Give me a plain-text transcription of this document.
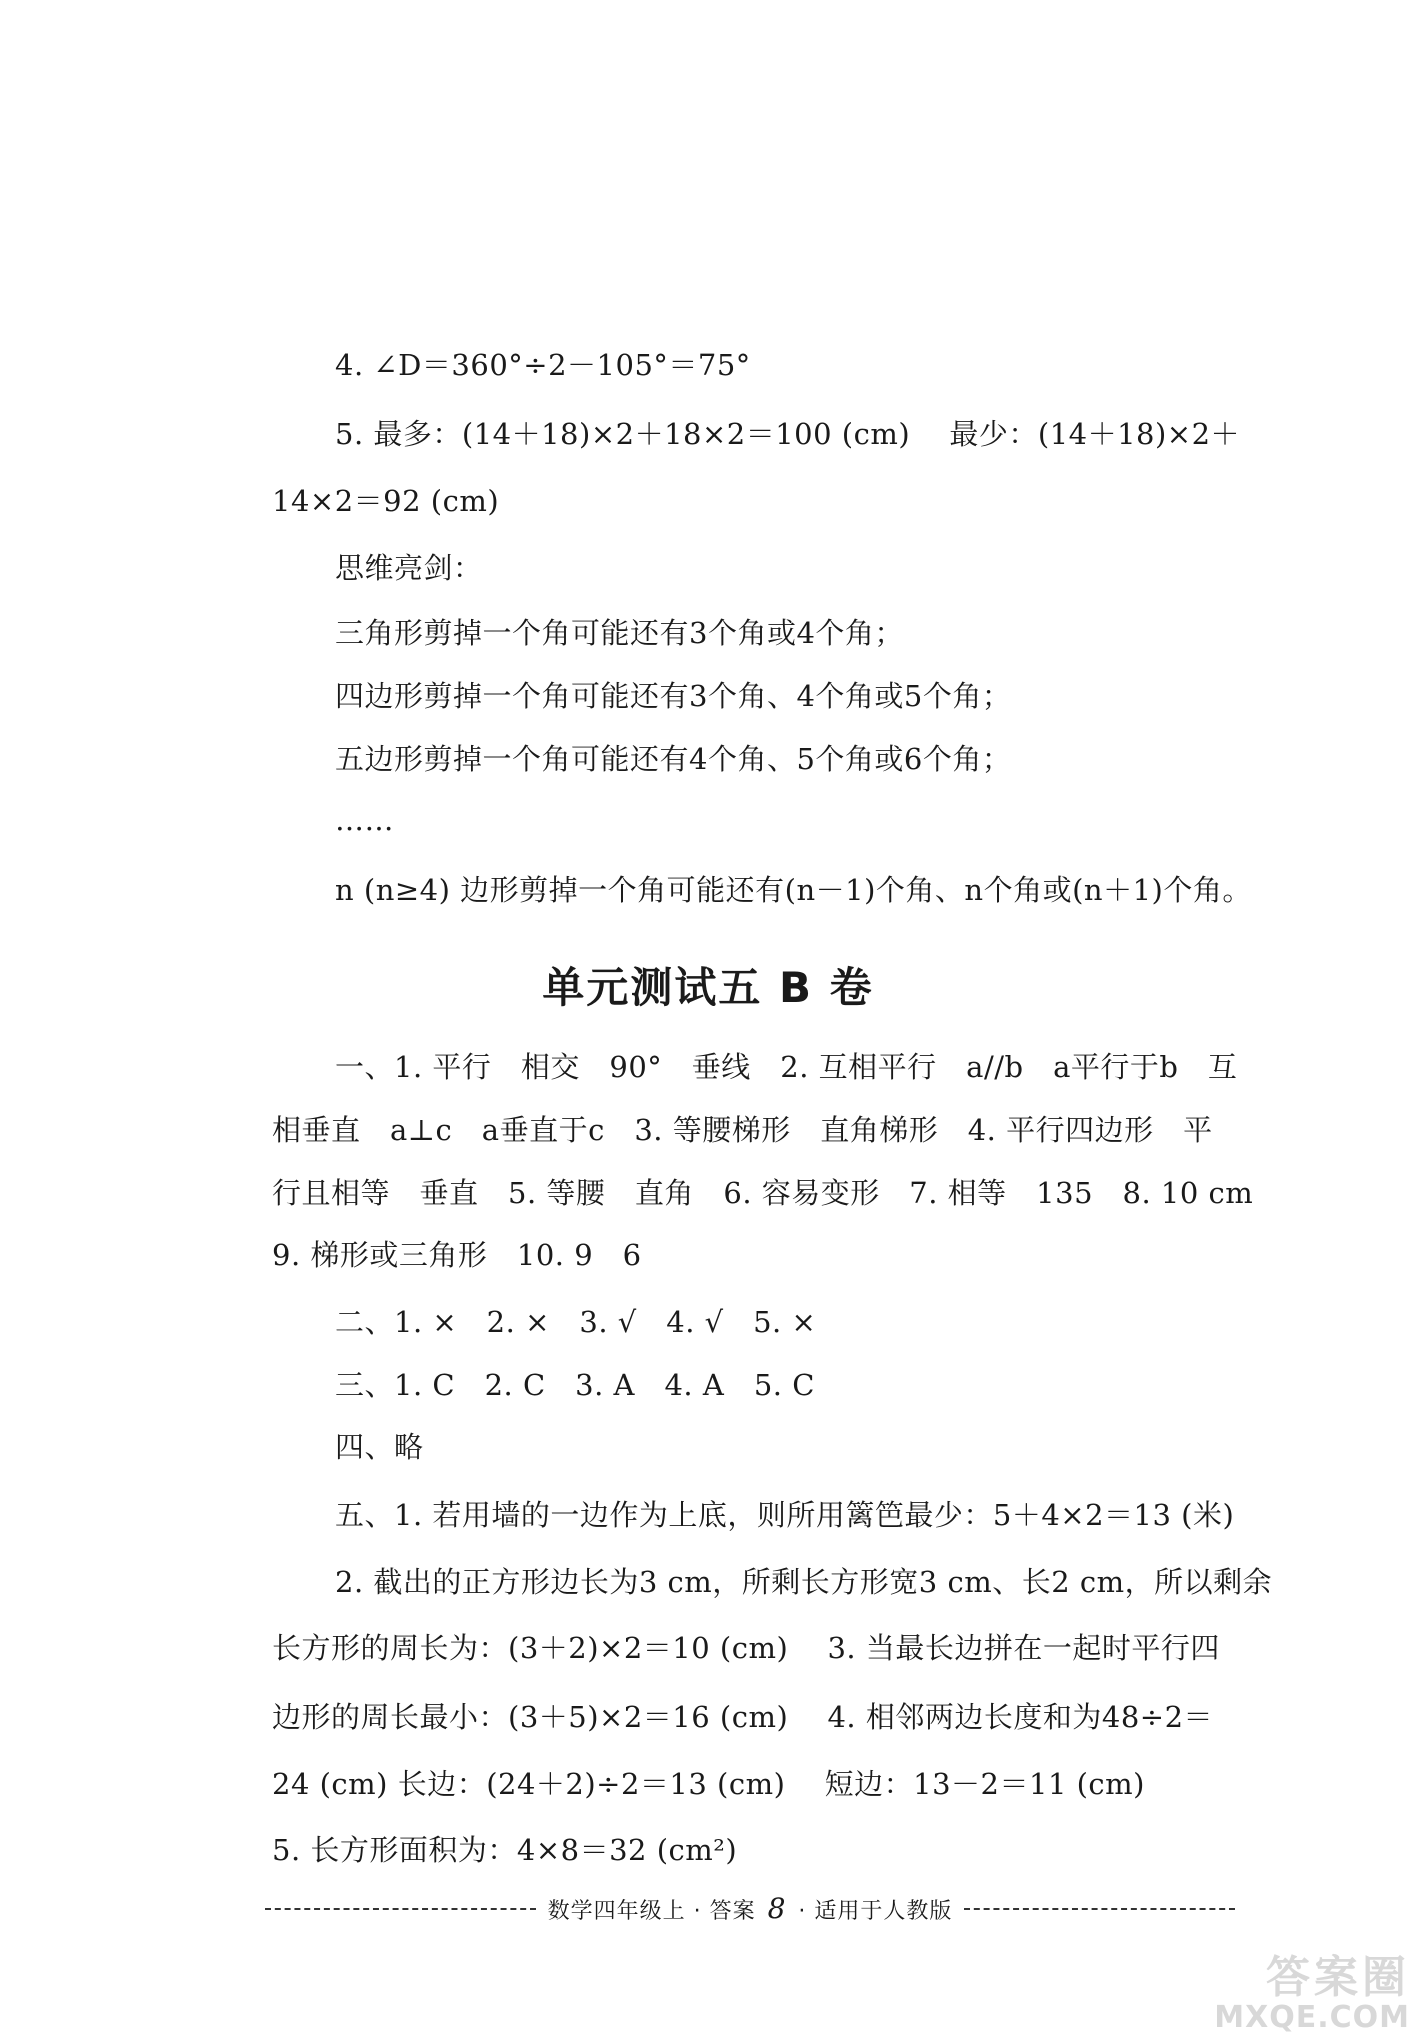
4. ∠D＝360°÷2－105°＝75°
5. 最多：(14＋18)×2＋18×2＝100 (cm)　 最少：(14＋18)×2＋
14×2＝92 (cm)
思维亮剑：
三角形剪掉一个角可能还有3个角或4个角；
四边形剪掉一个角可能还有3个角、4个角或5个角；
五边形剪掉一个角可能还有4个角、5个角或6个角；
……
n (n≥4) 边形剪掉一个角可能还有(n－1)个角、n个角或(n＋1)个角。
单元测试五 B 卷
一、1. 平行　相交　90°　垂线　2. 互相平行　a//b　a平行于b　互
相垂直　a⊥c　a垂直于c　3. 等腰梯形　直角梯形　4. 平行四边形　平
行且相等　垂直　5. 等腰　直角　6. 容易变形　7. 相等　135　8. 10 cm
9. 梯形或三角形　10. 9　6
二、1. ×　2. ×　3. √　4. √　5. ×
三、1. C　2. C　3. A　4. A　5. C
四、略
五、1. 若用墙的一边作为上底，则所用篱笆最少：5＋4×2＝13 (米)
2. 截出的正方形边长为3 cm，所剩长方形宽3 cm、长2 cm，所以剩余
长方形的周长为：(3＋2)×2＝10 (cm)　 3. 当最长边拼在一起时平行四
边形的周长最小：(3＋5)×2＝16 (cm)　 4. 相邻两边长度和为48÷2＝
24 (cm) 长边：(24＋2)÷2＝13 (cm)　 短边：13－2＝11 (cm)
5. 长方形面积为：4×8＝32 (cm²)
数学四年级上 · 答案 8 · 适用于人教版
答案圈
MXQE.COM
